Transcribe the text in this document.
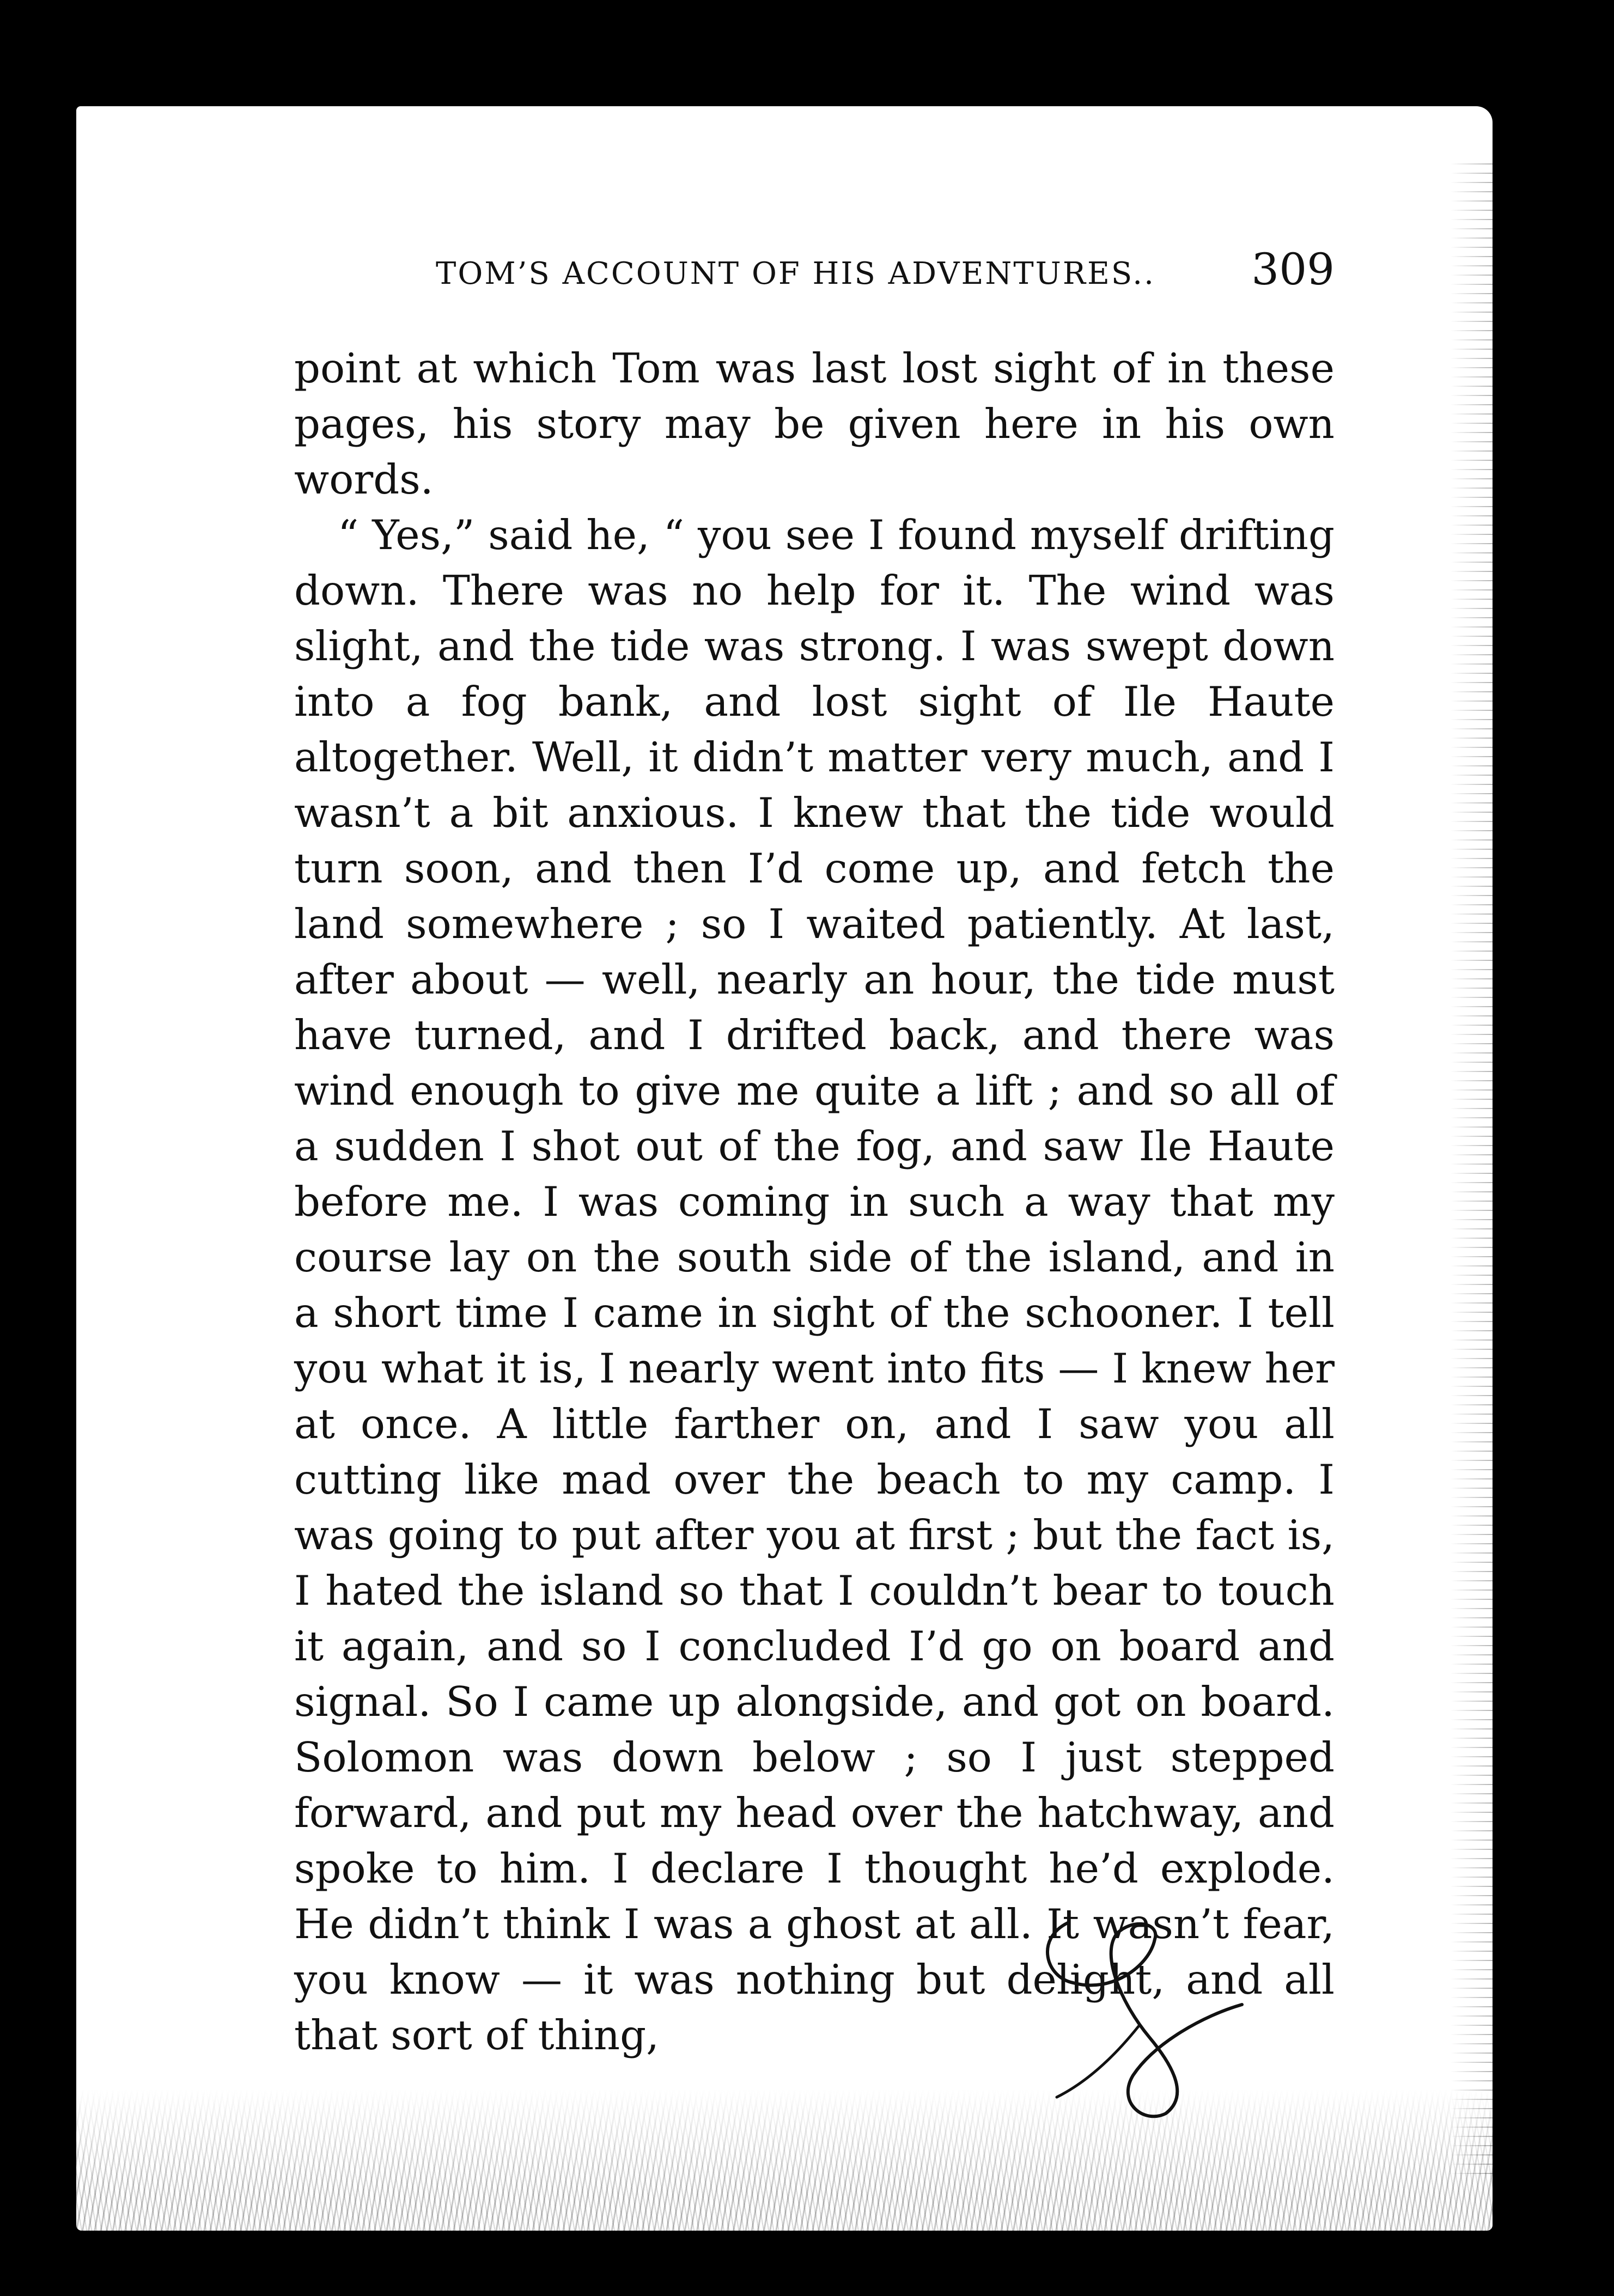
TOM’S ACCOUNT OF HIS ADVENTURES.. 309

point at which Tom was last lost sight of in these pages, his story may be given here in his own words.

“ Yes,” said he, “ you see I found myself drifting down. There was no help for it. The wind was slight, and the tide was strong. I was swept down into a fog bank, and lost sight of Ile Haute altogether. Well, it didn’t matter very much, and I wasn’t a bit anxious. I knew that the tide would turn soon, and then I’d come up, and fetch the land somewhere ; so I waited patiently. At last, after about — well, nearly an hour, the tide must have turned, and I drifted back, and there was wind enough to give me quite a lift ; and so all of a sudden I shot out of the fog, and saw Ile Haute before me. I was coming in such a way that my course lay on the south side of the island, and in a short time I came in sight of the schooner. I tell you what it is, I nearly went into fits — I knew her at once. A little farther on, and I saw you all cutting like mad over the beach to my camp. I was going to put after you at first ; but the fact is, I hated the island so that I couldn’t bear to touch it again, and so I concluded I’d go on board and signal. So I came up alongside, and got on board. Solomon was down below ; so I just stepped forward, and put my head over the hatchway, and spoke to him. I declare I thought he’d explode. He didn’t think I was a ghost at all. It wasn’t fear, you know — it was nothing but delight, and all that sort of thing,
